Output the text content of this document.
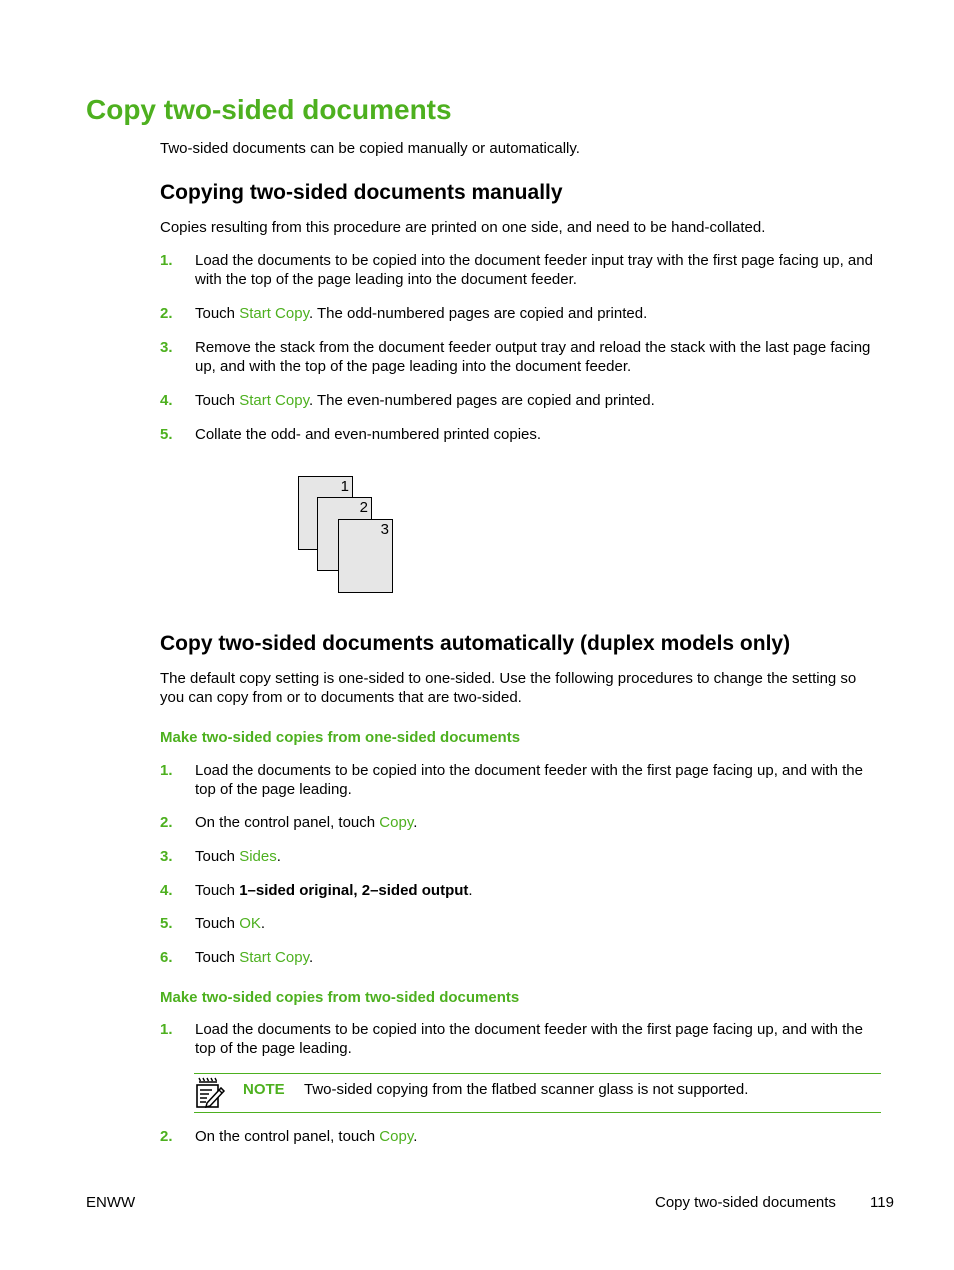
Copy two-sided documents
Two-sided documents can be copied manually or automatically.
Copying two-sided documents manually
Copies resulting from this procedure are printed on one side, and need to be hand-collated.
1. Load the documents to be copied into the document feeder input tray with the first page facing up, and with the top of the page leading into the document feeder.
2. Touch Start Copy. The odd-numbered pages are copied and printed.
3. Remove the stack from the document feeder output tray and reload the stack with the last page facing up, and with the top of the page leading into the document feeder.
4. Touch Start Copy. The even-numbered pages are copied and printed.
5. Collate the odd- and even-numbered printed copies.
1
2
3
Copy two-sided documents automatically (duplex models only)
The default copy setting is one-sided to one-sided. Use the following procedures to change the setting so you can copy from or to documents that are two-sided.
Make two-sided copies from one-sided documents
1. Load the documents to be copied into the document feeder with the first page facing up, and with the top of the page leading.
2. On the control panel, touch Copy.
3. Touch Sides.
4. Touch 1–sided original, 2–sided output.
5. Touch OK.
6. Touch Start Copy.
Make two-sided copies from two-sided documents
1. Load the documents to be copied into the document feeder with the first page facing up, and with the top of the page leading.
NOTE Two-sided copying from the flatbed scanner glass is not supported.
2. On the control panel, touch Copy.
ENWW	Copy two-sided documents 119
